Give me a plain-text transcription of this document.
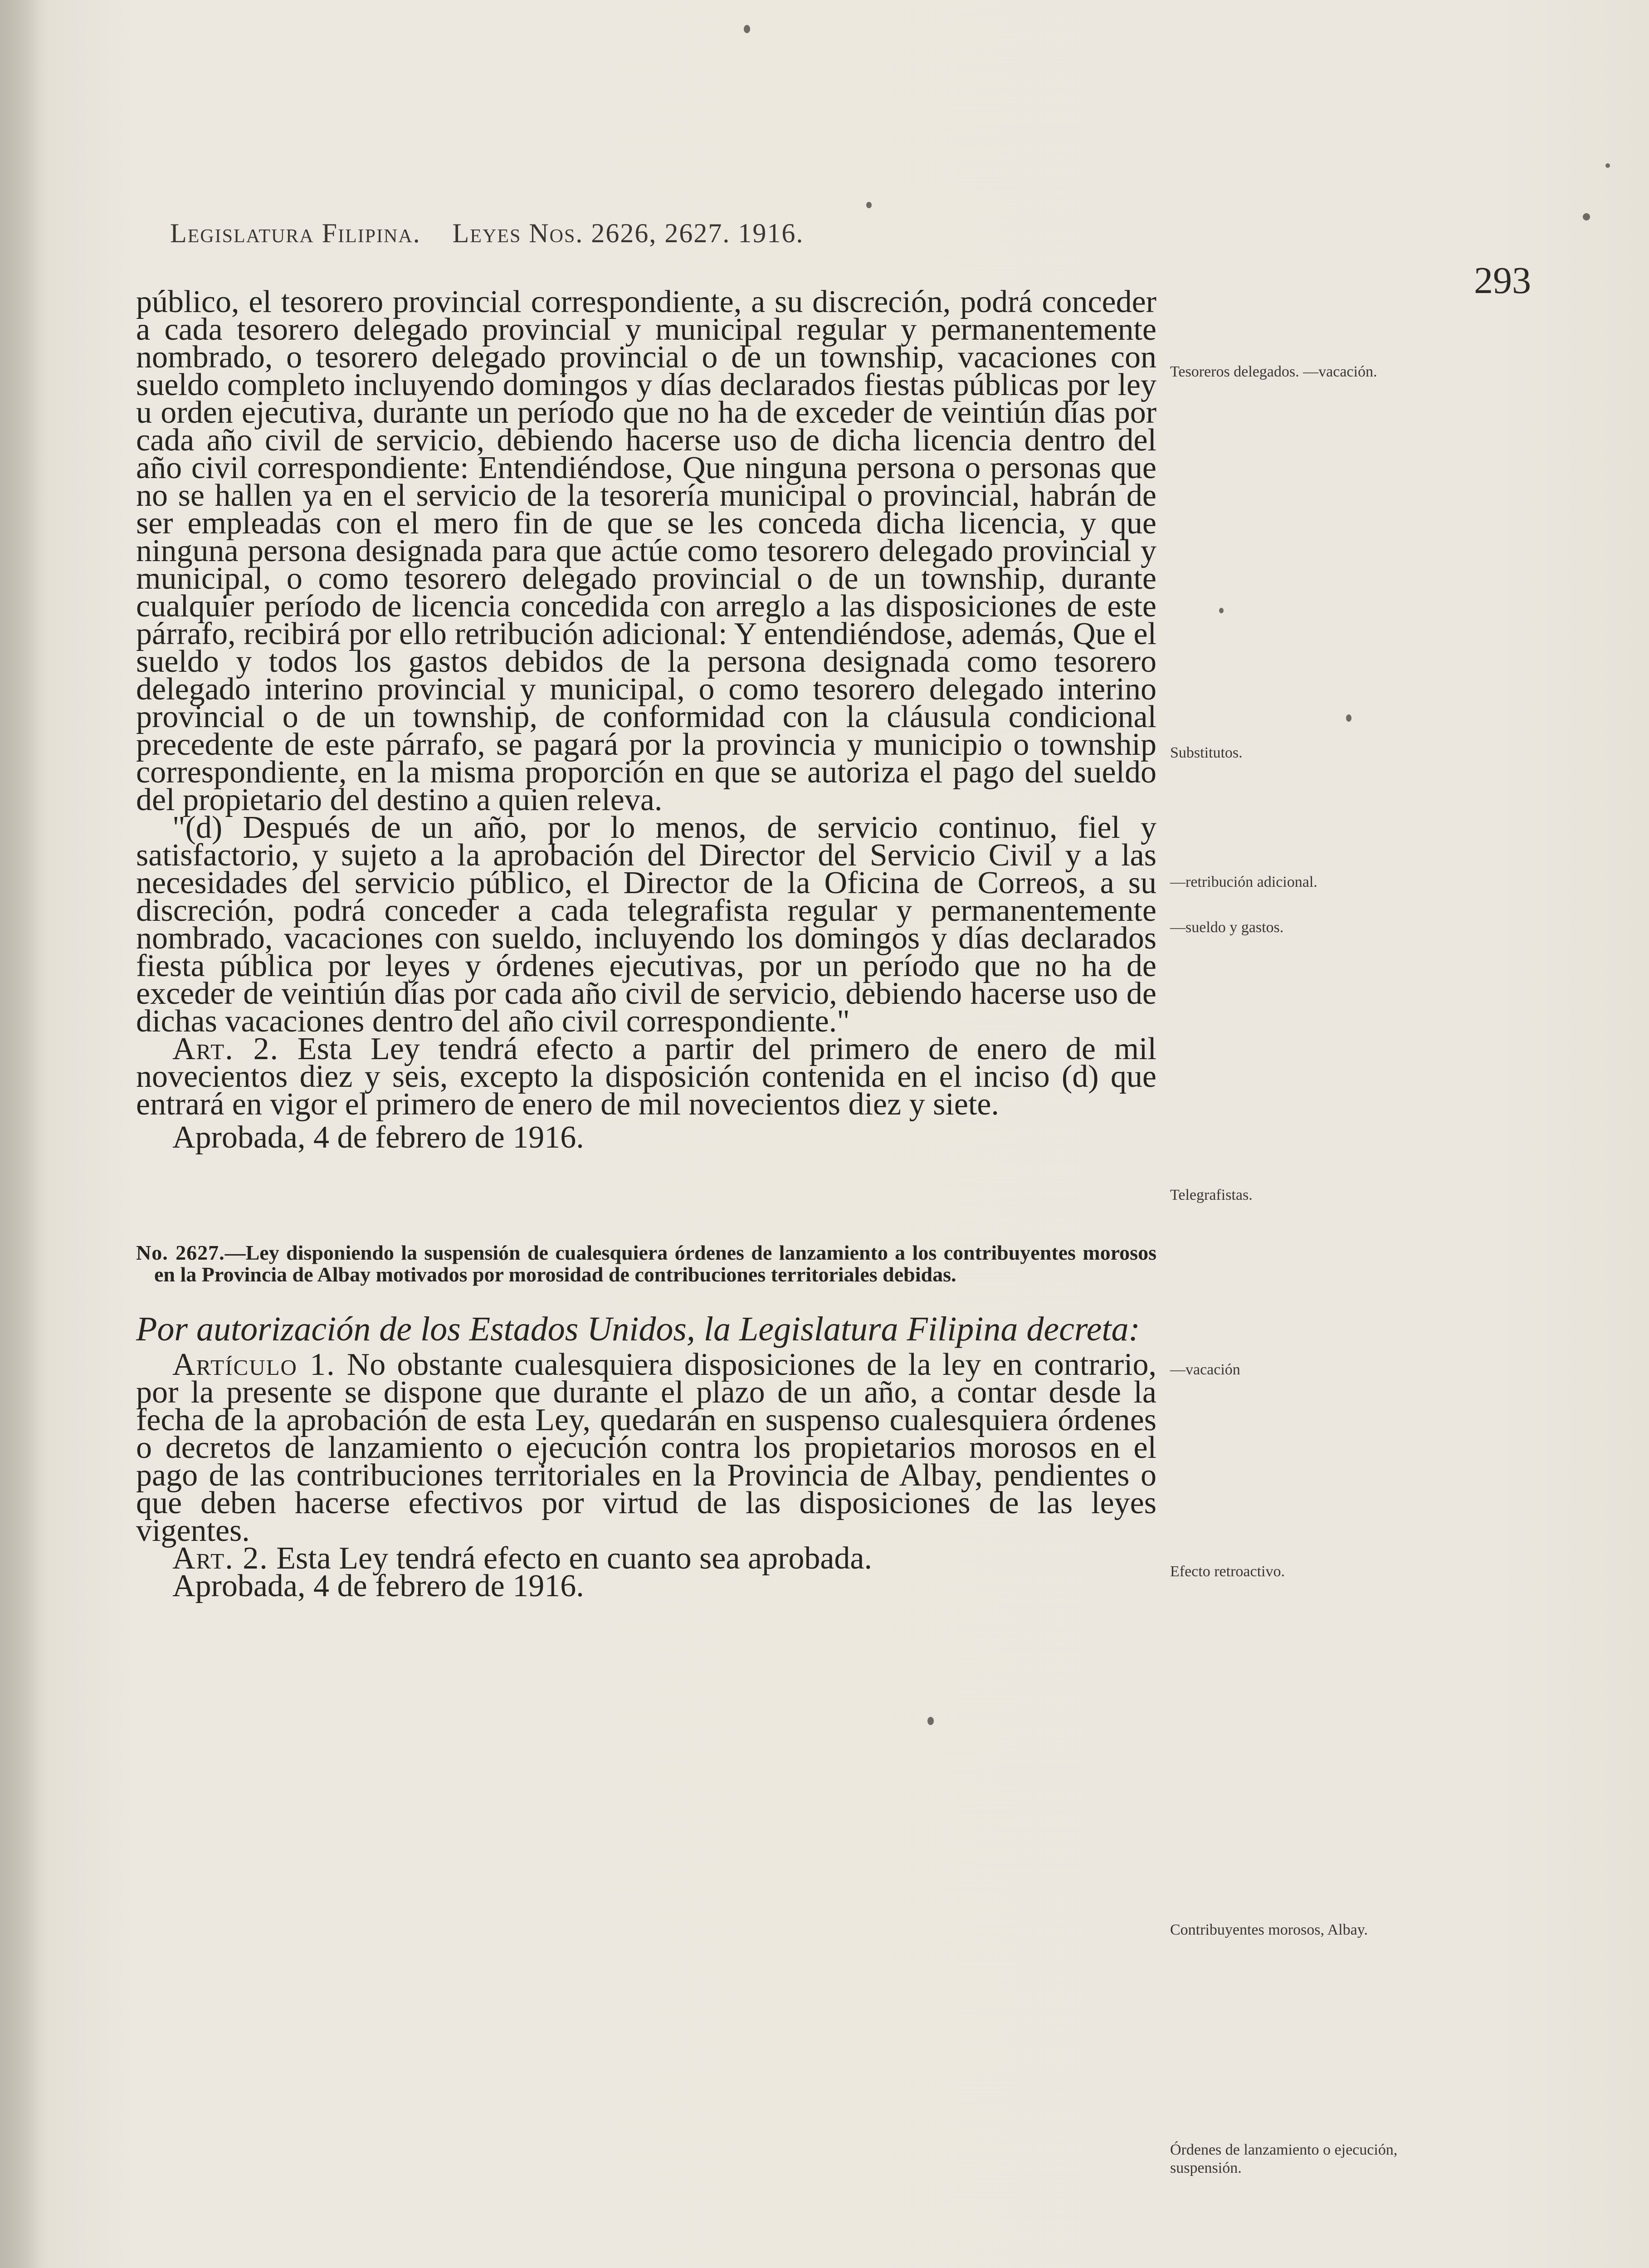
Legislatura Filipina. Leyes Nos. 2626, 2627. 1916.
293

público, el tesorero provincial correspondiente, a su discreción, podrá conceder a cada tesorero delegado provincial y municipal regular y permanentemente nombrado, o tesorero delegado provincial o de un township, vacaciones con sueldo completo incluyendo domingos y días declarados fiestas públicas por ley u orden ejecutiva, durante un período que no ha de exceder de veintiún días por cada año civil de servicio, debiendo hacerse uso de dicha licencia dentro del año civil correspondiente: Entendiéndose, Que ninguna persona o personas que no se hallen ya en el servicio de la tesorería municipal o provincial, habrán de ser empleadas con el mero fin de que se les conceda dicha licencia, y que ninguna persona designada para que actúe como tesorero delegado provincial y municipal, o como tesorero delegado provincial o de un township, durante cualquier período de licencia concedida con arreglo a las disposiciones de este párrafo, recibirá por ello retribución adicional: Y entendiéndose, además, Que el sueldo y todos los gastos debidos de la persona designada como tesorero delegado interino provincial y municipal, o como tesorero delegado interino provincial o de un township, de conformidad con la cláusula condicional precedente de este párrafo, se pagará por la provincia y municipio o township correspondiente, en la misma proporción en que se autoriza el pago del sueldo del propietario del destino a quien releva.

"(d) Después de un año, por lo menos, de servicio continuo, fiel y satisfactorio, y sujeto a la aprobación del Director del Servicio Civil y a las necesidades del servicio público, el Director de la Oficina de Correos, a su discreción, podrá conceder a cada telegrafista regular y permanentemente nombrado, vacaciones con sueldo, incluyendo los domingos y días declarados fiesta pública por leyes y órdenes ejecutivas, por un período que no ha de exceder de veintiún días por cada año civil de servicio, debiendo hacerse uso de dichas vacaciones dentro del año civil correspondiente."

Art. 2. Esta Ley tendrá efecto a partir del primero de enero de mil novecientos diez y seis, excepto la disposición contenida en el inciso (d) que entrará en vigor el primero de enero de mil novecientos diez y siete.

Aprobada, 4 de febrero de 1916.

No. 2627.—Ley disponiendo la suspensión de cualesquiera órdenes de lanzamiento a los contribuyentes morosos en la Provincia de Albay motivados por morosidad de contribuciones territoriales debidas.

Por autorización de los Estados Unidos, la Legislatura Filipina decreta:

Artículo 1. No obstante cualesquiera disposiciones de la ley en contrario, por la presente se dispone que durante el plazo de un año, a contar desde la fecha de la aprobación de esta Ley, quedarán en suspenso cualesquiera órdenes o decretos de lanzamiento o ejecución contra los propietarios morosos en el pago de las contribuciones territoriales en la Provincia de Albay, pendientes o que deben hacerse efectivos por virtud de las disposiciones de las leyes vigentes.

Art. 2. Esta Ley tendrá efecto en cuanto sea aprobada.

Aprobada, 4 de febrero de 1916.

Tesoreros delegados. —vacación.
Substitutos.
—retribución adicional.
—sueldo y gastos.
Telegrafistas.
—vacación
Efecto retroactivo.
Contribuyentes morosos, Albay.
Órdenes de lanzamiento o ejecución, suspensión.
